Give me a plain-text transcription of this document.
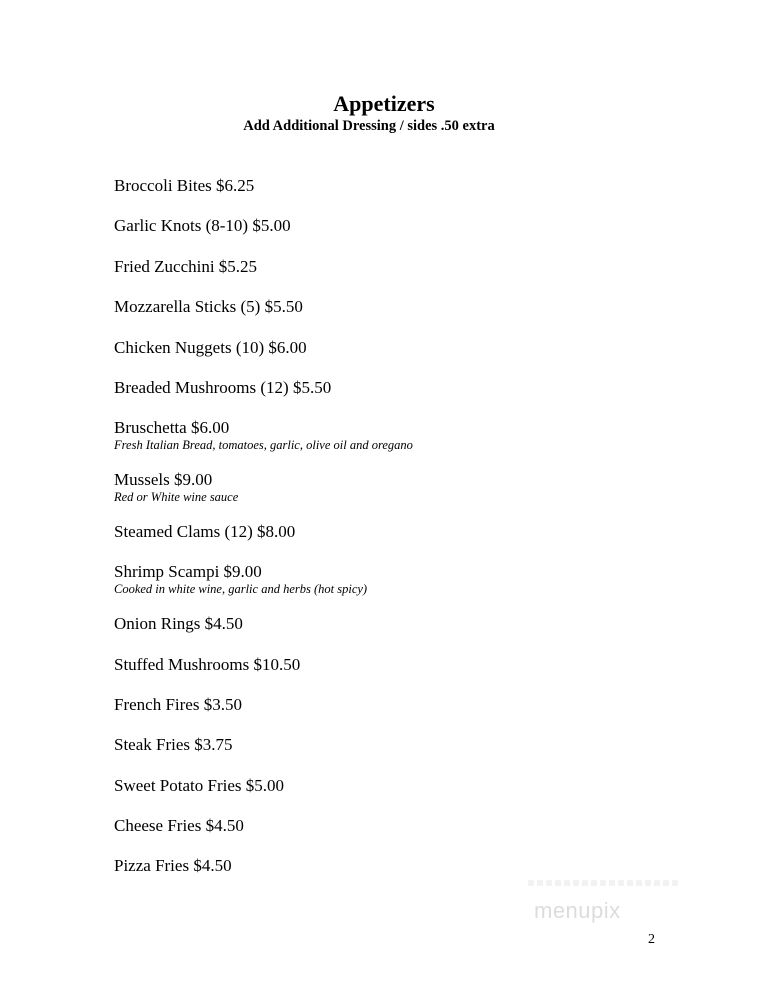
Appetizers
Add Additional Dressing / sides .50 extra
Broccoli Bites $6.25
Garlic Knots (8-10) $5.00
Fried Zucchini $5.25
Mozzarella Sticks (5) $5.50
Chicken Nuggets (10) $6.00
Breaded Mushrooms (12) $5.50
Bruschetta $6.00
Fresh Italian Bread, tomatoes, garlic, olive oil and oregano
Mussels $9.00
Red or White wine sauce
Steamed Clams (12) $8.00
Shrimp Scampi $9.00
Cooked in white wine, garlic and herbs (hot spicy)
Onion Rings $4.50
Stuffed Mushrooms $10.50
French Fires $3.50
Steak Fries $3.75
Sweet Potato Fries $5.00
Cheese Fries $4.50
Pizza Fries $4.50
menupix
2
